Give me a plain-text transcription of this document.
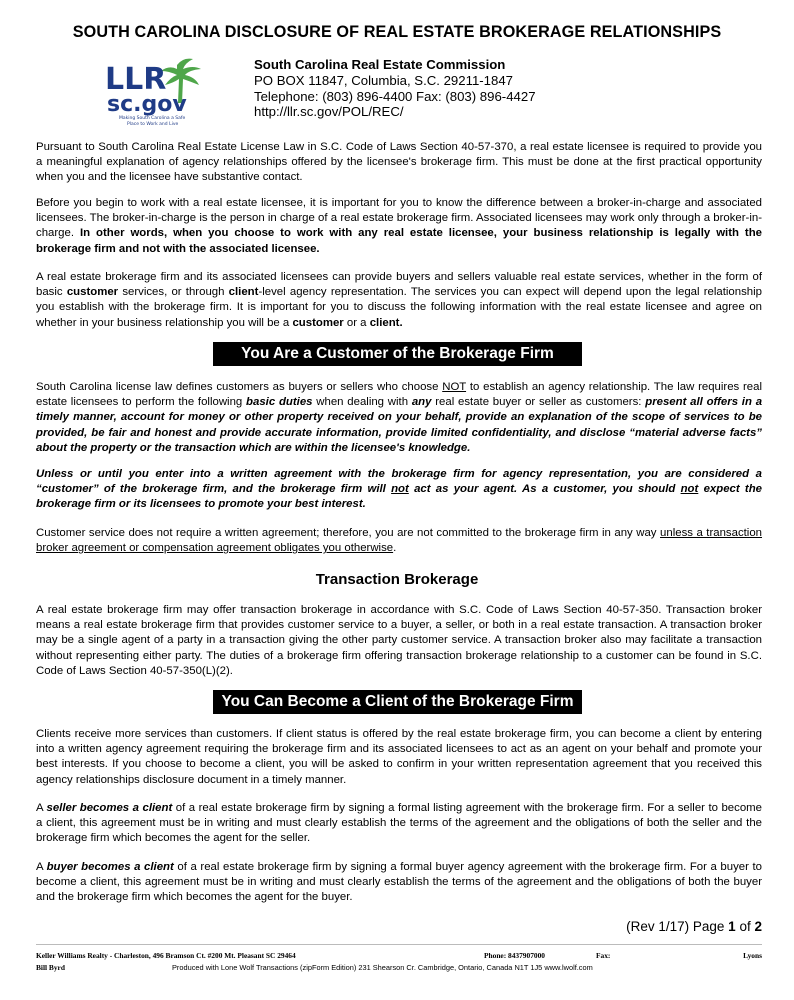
SOUTH CAROLINA DISCLOSURE OF REAL ESTATE BROKERAGE RELATIONSHIPS
LLR
sc.gov
Making South Carolina a Safe
Place to Work and Live
South Carolina Real Estate Commission
PO BOX 11847, Columbia, S.C. 29211-1847
Telephone: (803) 896-4400 Fax: (803) 896-4427
http://llr.sc.gov/POL/REC/

Pursuant to South Carolina Real Estate License Law in S.C. Code of Laws Section 40-57-370, a real estate licensee is required to provide you a meaningful explanation of agency relationships offered by the licensee's brokerage firm. This must be done at the first practical opportunity when you and the licensee have substantive contact.

Before you begin to work with a real estate licensee, it is important for you to know the difference between a broker-in-charge and associated licensees. The broker-in-charge is the person in charge of a real estate brokerage firm. Associated licensees may work only through a broker-in-charge. In other words, when you choose to work with any real estate licensee, your business relationship is legally with the brokerage firm and not with the associated licensee.

A real estate brokerage firm and its associated licensees can provide buyers and sellers valuable real estate services, whether in the form of basic customer services, or through client-level agency representation. The services you can expect will depend upon the legal relationship you establish with the brokerage firm. It is important for you to discuss the following information with the real estate licensee and agree on whether in your business relationship you will be a customer or a client.

You Are a Customer of the Brokerage Firm

South Carolina license law defines customers as buyers or sellers who choose NOT to establish an agency relationship. The law requires real estate licensees to perform the following basic duties when dealing with any real estate buyer or seller as customers: present all offers in a timely manner, account for money or other property received on your behalf, provide an explanation of the scope of services to be provided, be fair and honest and provide accurate information, provide limited confidentiality, and disclose “material adverse facts” about the property or the transaction which are within the licensee's knowledge.

Unless or until you enter into a written agreement with the brokerage firm for agency representation, you are considered a “customer” of the brokerage firm, and the brokerage firm will not act as your agent. As a customer, you should not expect the brokerage firm or its licensees to promote your best interest.

Customer service does not require a written agreement; therefore, you are not committed to the brokerage firm in any way unless a transaction broker agreement or compensation agreement obligates you otherwise.

Transaction Brokerage

A real estate brokerage firm may offer transaction brokerage in accordance with S.C. Code of Laws Section 40-57-350. Transaction broker means a real estate brokerage firm that provides customer service to a buyer, a seller, or both in a real estate transaction. A transaction broker may be a single agent of a party in a transaction giving the other party customer service. A transaction broker also may facilitate a transaction without representing either party. The duties of a brokerage firm offering transaction brokerage relationship to a customer can be found in S.C. Code of Laws Section 40-57-350(L)(2).

You Can Become a Client of the Brokerage Firm

Clients receive more services than customers. If client status is offered by the real estate brokerage firm, you can become a client by entering into a written agency agreement requiring the brokerage firm and its associated licensees to act as an agent on your behalf and promote your best interests. If you choose to become a client, you will be asked to confirm in your written representation agreement that you received this agency relationships disclosure document in a timely manner.

A seller becomes a client of a real estate brokerage firm by signing a formal listing agreement with the brokerage firm. For a seller to become a client, this agreement must be in writing and must clearly establish the terms of the agreement and the obligations of both the seller and the brokerage firm which becomes the agent for the seller.

A buyer becomes a client of a real estate brokerage firm by signing a formal buyer agency agreement with the brokerage firm. For a buyer to become a client, this agreement must be in writing and must clearly establish the terms of the agreement and the obligations of both the buyer and the brokerage firm which becomes the agent for the buyer.

(Rev 1/17) Page 1 of 2
Keller Williams Realty - Charleston, 496 Bramson Ct. #200 Mt. Pleasant SC 29464	Phone: 8437907000	Fax:	Lyons
Bill Byrd	Produced with Lone Wolf Transactions (zipForm Edition) 231 Shearson Cr. Cambridge, Ontario, Canada N1T 1J5 www.lwolf.com
